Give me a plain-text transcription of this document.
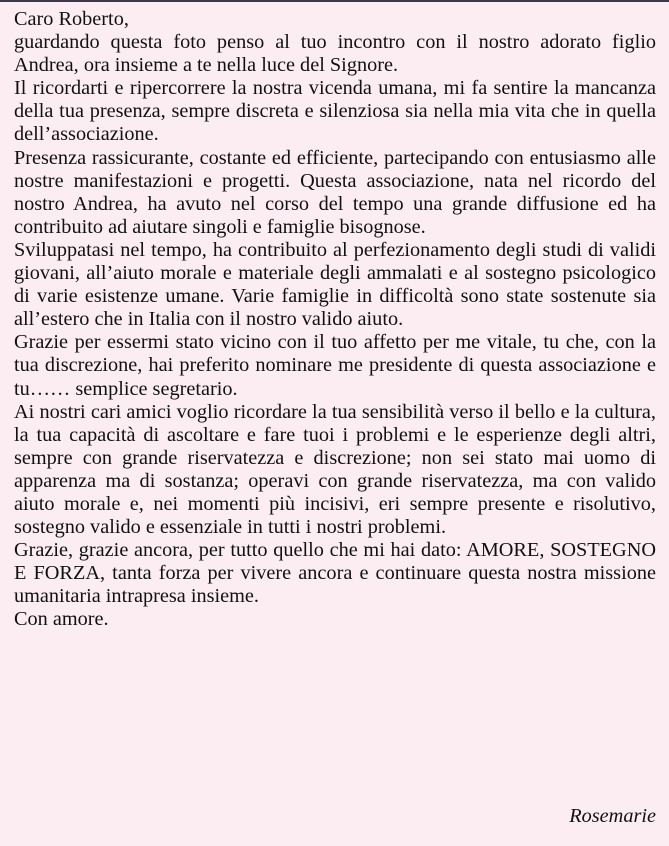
Caro Roberto,

guardando questa foto penso al tuo incontro con il nostro adorato figlio Andrea, ora insieme a te nella luce del Signore.

Il ricordarti e ripercorrere la nostra vicenda umana, mi fa sentire la mancanza della tua presenza, sempre discreta e silenziosa sia nella mia vita che in quella dell’associazione.

Presenza rassicurante, costante ed efficiente, partecipando con entusiasmo alle nostre manifestazioni e progetti. Questa associazione, nata nel ricordo del nostro Andrea, ha avuto nel corso del tempo una grande diffusione ed ha contribuito ad aiutare singoli e famiglie bisognose.

Sviluppatasi nel tempo, ha contribuito al perfezionamento degli studi di validi giovani, all’aiuto morale e materiale degli ammalati e al sostegno psicologico di varie esistenze umane. Varie famiglie in difficoltà sono state sostenute sia all’estero che in Italia con il nostro valido aiuto.

Grazie per essermi stato vicino con il tuo affetto per me vitale, tu che, con la tua discrezione, hai preferito nominare me presidente di questa associazione e tu…… semplice segretario.

Ai nostri cari amici voglio ricordare la tua sensibilità verso il bello e la cultura, la tua capacità di ascoltare e fare tuoi i problemi e le esperienze degli altri, sempre con grande riservatezza e discrezione; non sei stato mai uomo di apparenza ma di sostanza; operavi con grande riservatezza, ma con valido aiuto morale e, nei momenti più incisivi, eri sempre presente e risolutivo, sostegno valido e essenziale in tutti i nostri problemi.

Grazie, grazie ancora, per tutto quello che mi hai dato: AMORE, SOSTEGNO E FORZA, tanta forza per vivere ancora e continuare questa nostra missione umanitaria intrapresa insieme.

Con amore.

Rosemarie
